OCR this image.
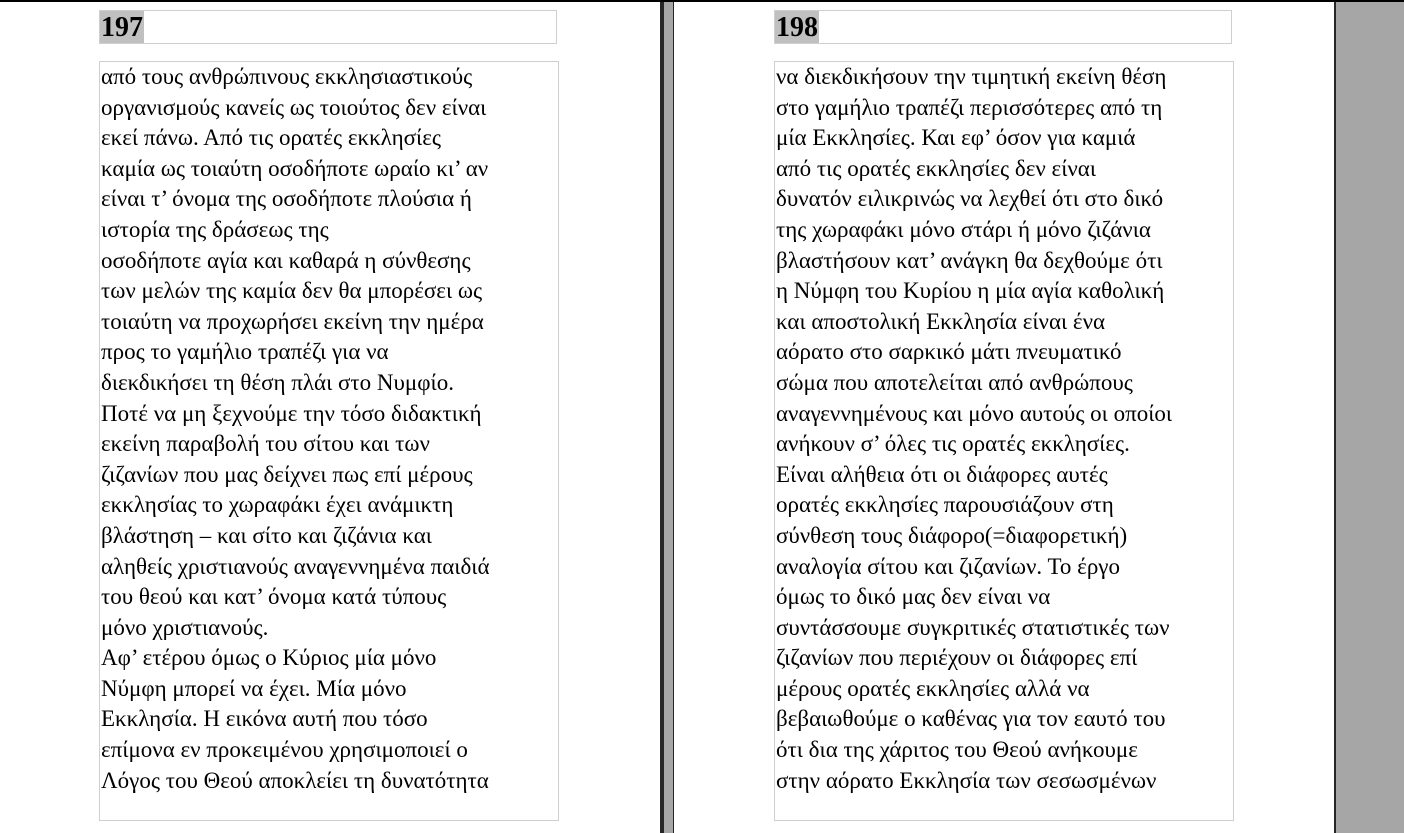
197
από τους ανθρώπινους εκκλησιαστικούς
οργανισμούς κανείς ως τοιούτος δεν είναι
εκεί πάνω. Από τις ορατές εκκλησίες
καμία ως τοιαύτη οσοδήποτε ωραίο κι’ αν
είναι τ’ όνομα της οσοδήποτε πλούσια ή
ιστορία της δράσεως της
οσοδήποτε αγία και καθαρά η σύνθεσης
των μελών της καμία δεν θα μπορέσει ως
τοιαύτη να προχωρήσει εκείνη την ημέρα
προς το γαμήλιο τραπέζι για να
διεκδικήσει τη θέση πλάι στο Νυμφίο.
Ποτέ να μη ξεχνούμε την τόσο διδακτική
εκείνη παραβολή του σίτου και των
ζιζανίων που μας δείχνει πως επί μέρους
εκκλησίας το χωραφάκι έχει ανάμικτη
βλάστηση – και σίτο και ζιζάνια και
αληθείς χριστιανούς αναγεννημένα παιδιά
του θεού και κατ’ όνομα κατά τύπους
μόνο χριστιανούς.
Αφ’ ετέρου όμως ο Κύριος μία μόνο
Νύμφη μπορεί να έχει. Μία μόνο
Εκκλησία. Η εικόνα αυτή που τόσο
επίμονα εν προκειμένου χρησιμοποιεί ο
Λόγος του Θεού αποκλείει τη δυνατότητα
198
να διεκδικήσουν την τιμητική εκείνη θέση
στο γαμήλιο τραπέζι περισσότερες από τη
μία Εκκλησίες. Και εφ’ όσον για καμιά
από τις ορατές εκκλησίες δεν είναι
δυνατόν ειλικρινώς να λεχθεί ότι στο δικό
της χωραφάκι μόνο στάρι ή μόνο ζιζάνια
βλαστήσουν κατ’ ανάγκη θα δεχθούμε ότι
η Νύμφη του Κυρίου η μία αγία καθολική
και αποστολική Εκκλησία είναι ένα
αόρατο στο σαρκικό μάτι πνευματικό
σώμα που αποτελείται από ανθρώπους
αναγεννημένους και μόνο αυτούς οι οποίοι
ανήκουν σ’ όλες τις ορατές εκκλησίες.
Είναι αλήθεια ότι οι διάφορες αυτές
ορατές εκκλησίες παρουσιάζουν στη
σύνθεση τους διάφορο(=διαφορετική)
αναλογία σίτου και ζιζανίων. Το έργο
όμως το δικό μας δεν είναι να
συντάσσουμε συγκριτικές στατιστικές των
ζιζανίων που περιέχουν οι διάφορες επί
μέρους ορατές εκκλησίες αλλά να
βεβαιωθούμε ο καθένας για τον εαυτό του
ότι δια της χάριτος του Θεού ανήκουμε
στην αόρατο Εκκλησία των σεσωσμένων
